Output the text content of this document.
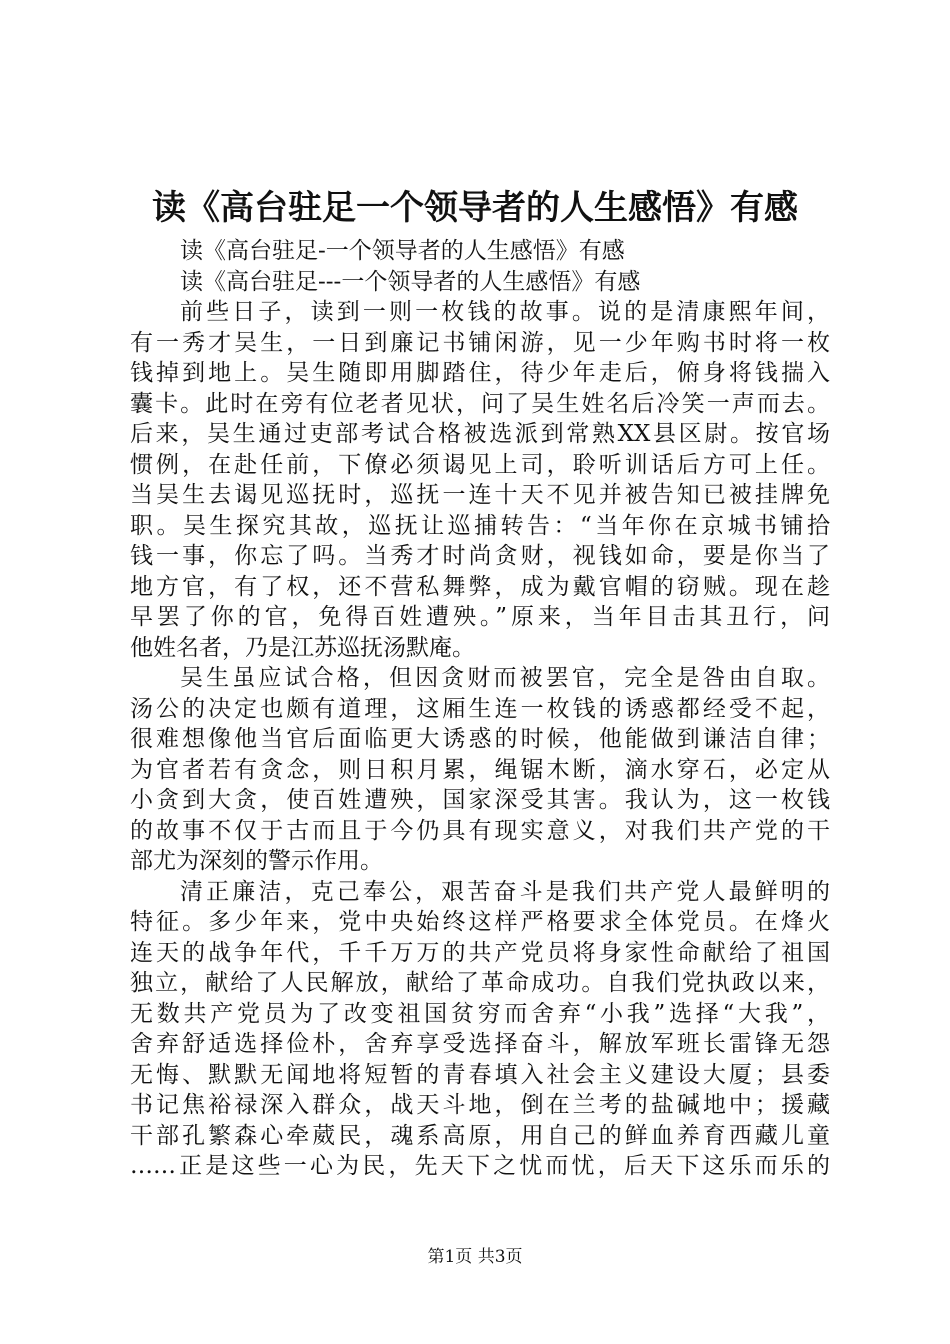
读《高台驻足一个领导者的人生感悟》有感
读《高台驻足-一个领导者的人生感悟》有感
读《高台驻足---一个领导者的人生感悟》有感
前些日子，读到一则一枚钱的故事。说的是清康熙年间，
有一秀才吴生，一日到廉记书铺闲游，见一少年购书时将一枚
钱掉到地上。吴生随即用脚踏住，待少年走后，俯身将钱揣入
囊卡。此时在旁有位老者见状，问了吴生姓名后冷笑一声而去。
后来，吴生通过吏部考试合格被选派到常熟XX县区尉。按官场
惯例，在赴任前，下僚必须谒见上司，聆听训话后方可上任。
当吴生去谒见巡抚时，巡抚一连十天不见并被告知已被挂牌免
职。吴生探究其故，巡抚让巡捕转告：“当年你在京城书铺拾
钱一事，你忘了吗。当秀才时尚贪财，视钱如命，要是你当了
地方官，有了权，还不营私舞弊，成为戴官帽的窃贼。现在趁
早罢了你的官，免得百姓遭殃。”原来，当年目击其丑行，问
他姓名者，乃是江苏巡抚汤默庵。
吴生虽应试合格，但因贪财而被罢官，完全是咎由自取。
汤公的决定也颇有道理，这厢生连一枚钱的诱惑都经受不起，
很难想像他当官后面临更大诱惑的时候，他能做到谦洁自律；
为官者若有贪念，则日积月累，绳锯木断，滴水穿石，必定从
小贪到大贪，使百姓遭殃，国家深受其害。我认为，这一枚钱
的故事不仅于古而且于今仍具有现实意义，对我们共产党的干
部尤为深刻的警示作用。
清正廉洁，克己奉公，艰苦奋斗是我们共产党人最鲜明的
特征。多少年来，党中央始终这样严格要求全体党员。在烽火
连天的战争年代，千千万万的共产党员将身家性命献给了祖国
独立，献给了人民解放，献给了革命成功。自我们党执政以来，
无数共产党员为了改变祖国贫穷而舍弃“小我”选择“大我”，
舍弃舒适选择俭朴，舍弃享受选择奋斗，解放军班长雷锋无怨
无悔、默默无闻地将短暂的青春填入社会主义建设大厦；县委
书记焦裕禄深入群众，战天斗地，倒在兰考的盐碱地中；援藏
干部孔繁森心牵葳民，魂系高原，用自己的鲜血养育西藏儿童
……正是这些一心为民，先天下之忧而忧，后天下这乐而乐的
第1页 共3页
